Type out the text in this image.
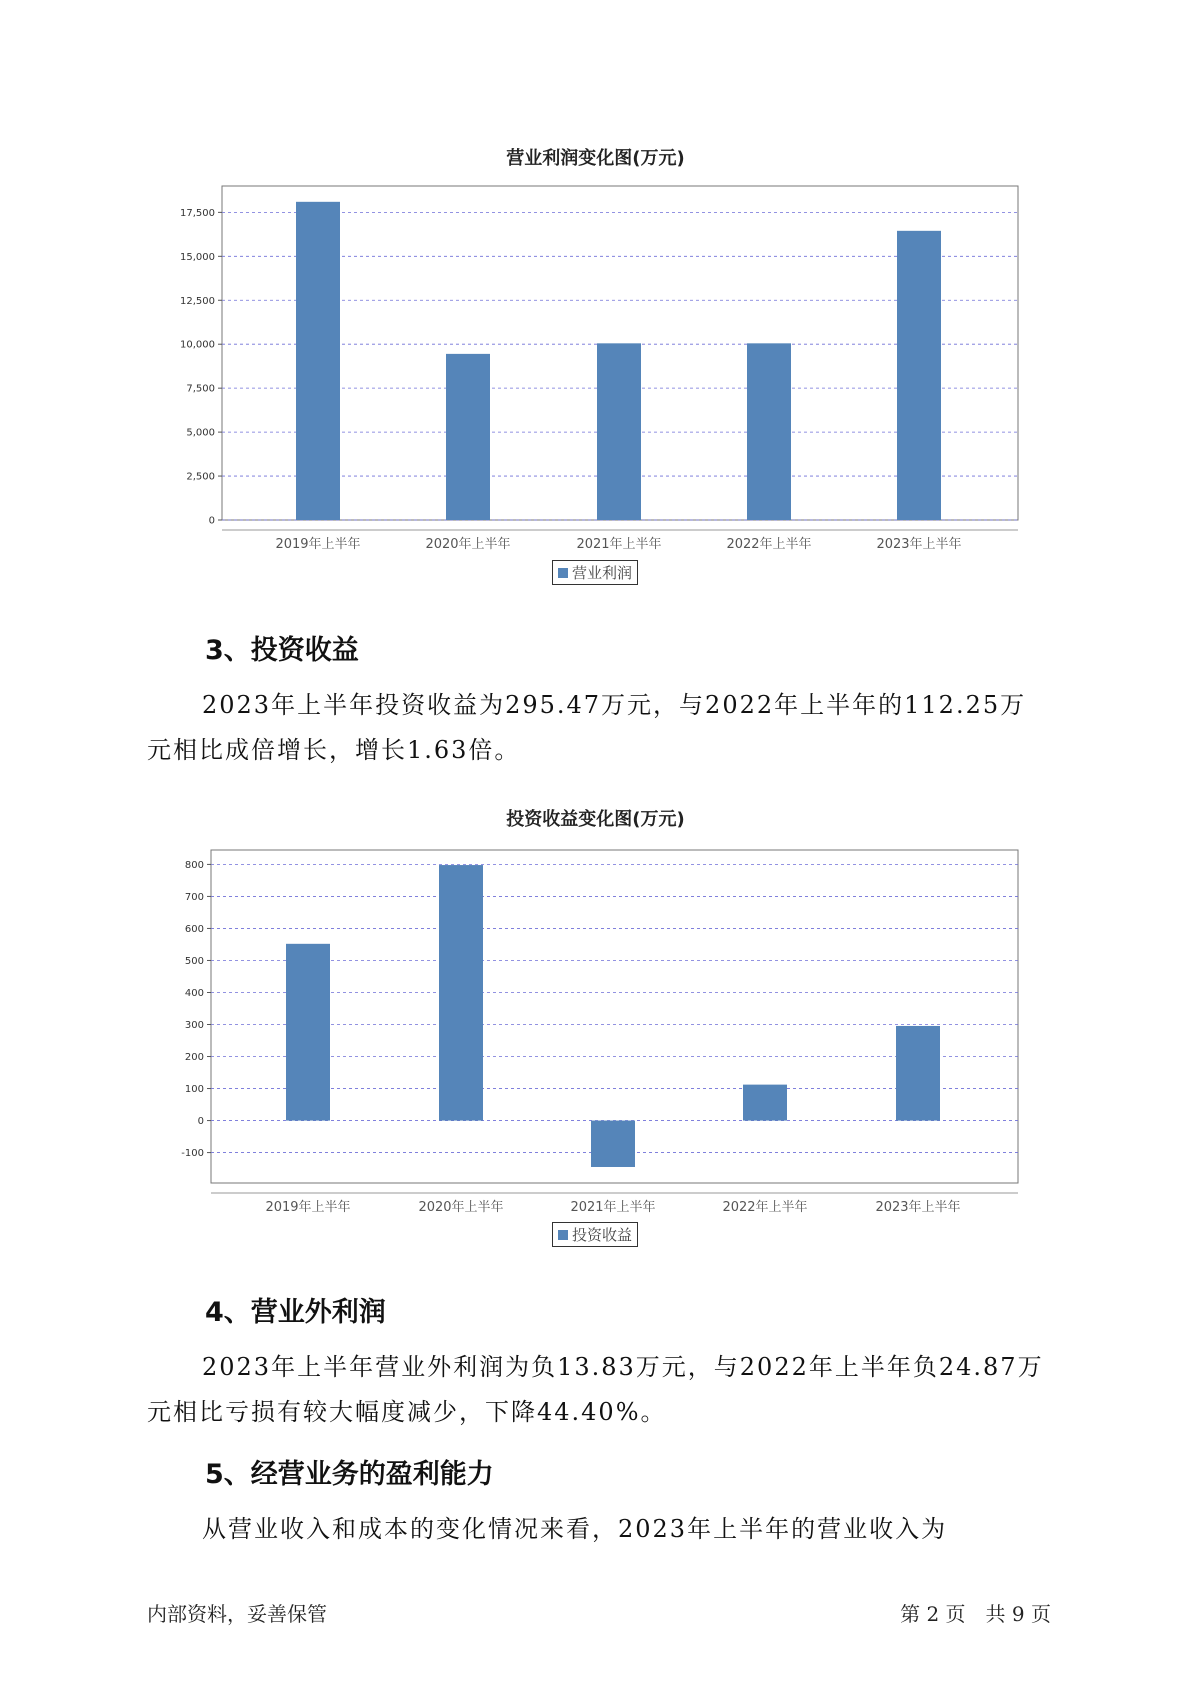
营业利润变化图(万元)
0
2,500
5,000
7,500
10,000
12,500
15,000
17,500
2019年上半年	2020年上半年	2021年上半年	2022年上半年	2023年上半年
营业利润
3、投资收益
2023年上半年投资收益为295.47万元，与2022年上半年的112.25万元相比成倍增长，增长1.63倍。
投资收益变化图(万元)
-100
0
100
200
300
400
500
600
700
800
2019年上半年	2020年上半年	2021年上半年	2022年上半年	2023年上半年
投资收益
4、营业外利润
2023年上半年营业外利润为负13.83万元，与2022年上半年负24.87万元相比亏损有较大幅度减少，下降44.40%。
5、经营业务的盈利能力
从营业收入和成本的变化情况来看，2023年上半年的营业收入为
内部资料，妥善保管	第 2 页　共 9 页
